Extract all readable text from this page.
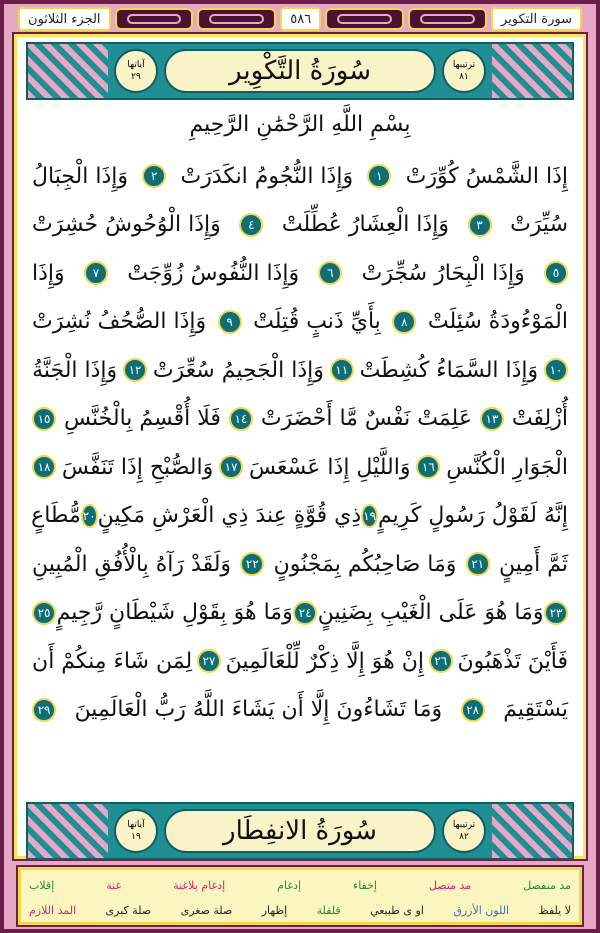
سورة التكوير
٥٨٦
الجزء الثلاثون
ترتيبها
٨١
سُورَةُ التَّكْوِير
آياتها
٢٩
بِسْمِ اللَّهِ الرَّحْمَٰنِ الرَّحِيمِ
إِذَا الشَّمْسُ كُوِّرَتْ
١
وَإِذَا النُّجُومُ انكَدَرَتْ
٢
وَإِذَا الْجِبَالُ
سُيِّرَتْ
٣
وَإِذَا الْعِشَارُ عُطِّلَتْ
٤
وَإِذَا الْوُحُوشُ حُشِرَتْ
٥
وَإِذَا الْبِحَارُ سُجِّرَتْ
٦
وَإِذَا النُّفُوسُ زُوِّجَتْ
٧
وَإِذَا
الْمَوْءُودَةُ سُئِلَتْ
٨
بِأَيِّ ذَنبٍ قُتِلَتْ
٩
وَإِذَا الصُّحُفُ نُشِرَتْ
١٠
وَإِذَا السَّمَاءُ كُشِطَتْ
١١
وَإِذَا الْجَحِيمُ سُعِّرَتْ
١٢
وَإِذَا الْجَنَّةُ
أُزْلِفَتْ
١٣
عَلِمَتْ نَفْسٌ مَّا أَحْضَرَتْ
١٤
فَلَا أُقْسِمُ بِالْخُنَّسِ
١٥
الْجَوَارِ الْكُنَّسِ
١٦
وَاللَّيْلِ إِذَا عَسْعَسَ
١٧
وَالصُّبْحِ إِذَا تَنَفَّسَ
١٨
إِنَّهُ لَقَوْلُ رَسُولٍ كَرِيمٍ
١٩
ذِي قُوَّةٍ عِندَ ذِي الْعَرْشِ مَكِينٍ
٢٠
مُّطَاعٍ
ثَمَّ أَمِينٍ
٢١
وَمَا صَاحِبُكُم بِمَجْنُونٍ
٢٢
وَلَقَدْ رَآهُ بِالْأُفُقِ الْمُبِينِ
٢٣
وَمَا هُوَ عَلَى الْغَيْبِ بِضَنِينٍ
٢٤
وَمَا هُوَ بِقَوْلِ شَيْطَانٍ رَّجِيمٍ
٢٥
فَأَيْنَ تَذْهَبُونَ
٢٦
إِنْ هُوَ إِلَّا ذِكْرٌ لِّلْعَالَمِينَ
٢٧
لِمَن شَاءَ مِنكُمْ أَن
يَسْتَقِيمَ
٢٨
وَمَا تَشَاءُونَ إِلَّا أَن يَشَاءَ اللَّهُ رَبُّ الْعَالَمِينَ
٢٩
ترتيبها
٨٢
سُورَةُ الانفِطَار
آياتها
١٩
مد منفصل
مد متصل
إخفاء
إدغام
إدغام بلاغنة
غنة
إقلاب
لا يلفظ
اللون الأزرق
او ى طبيعي
قلقلة
إظهار
صلة صغرى
صلة كبرى
المد اللازم
